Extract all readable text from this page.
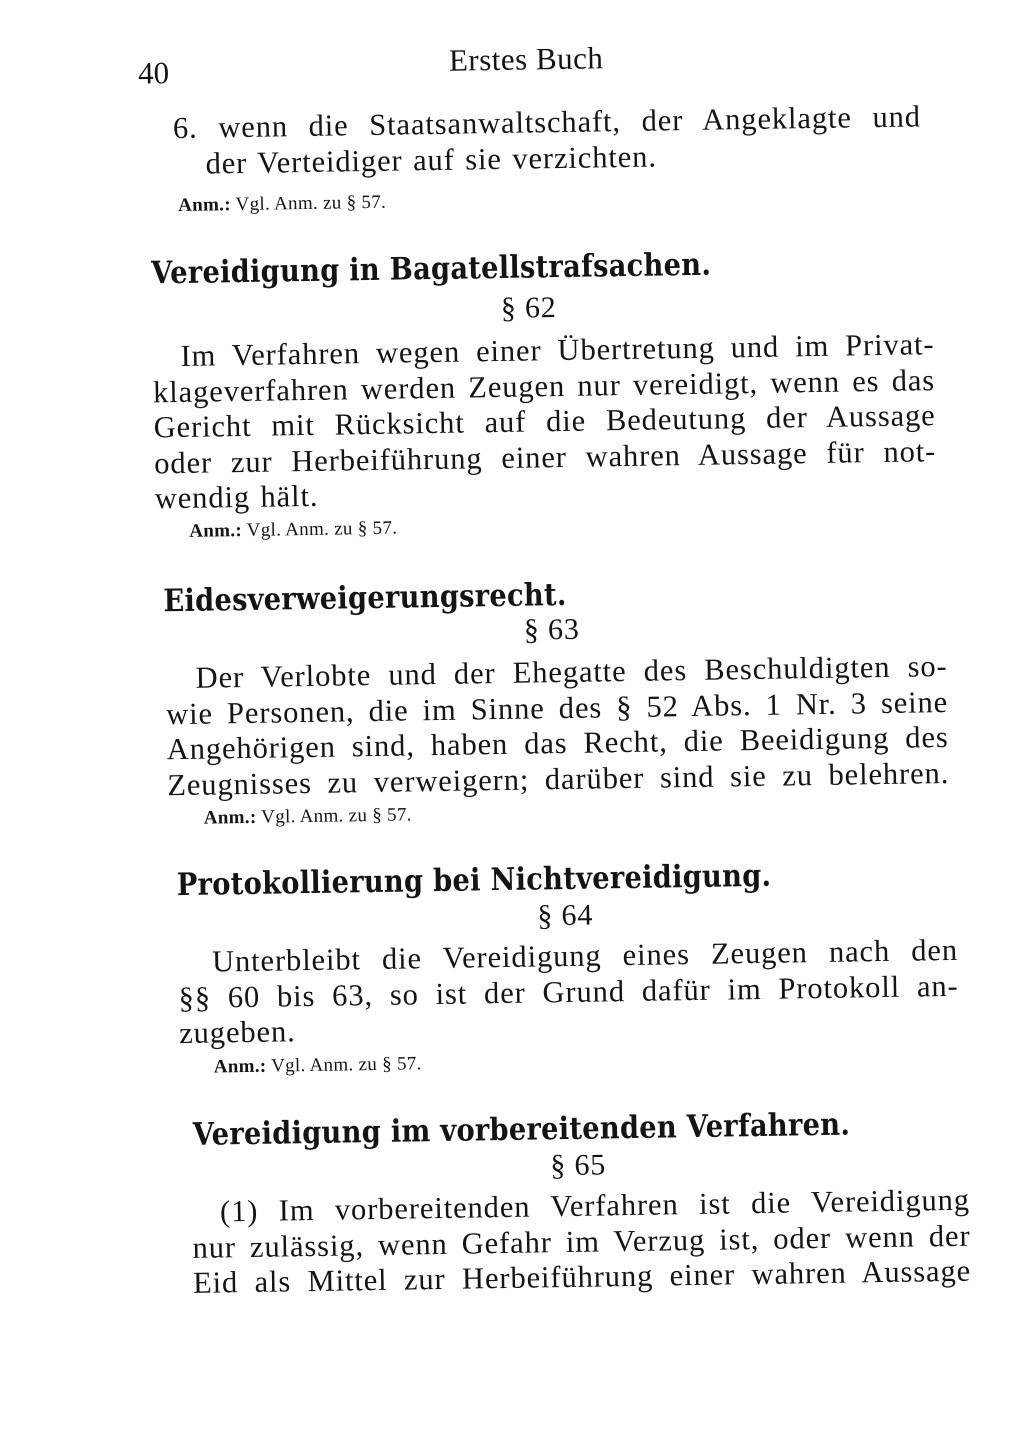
40	Erstes Buch
6. wenn die Staatsanwaltschaft, der Angeklagte und
der Verteidiger auf sie verzichten.
Anm.: Vgl. Anm. zu § 57.
Vereidigung in Bagatellstrafsachen.
§ 62
Im Verfahren wegen einer Übertretung und im Privat-
klageverfahren werden Zeugen nur vereidigt, wenn es das
Gericht mit Rücksicht auf die Bedeutung der Aussage
oder zur Herbeiführung einer wahren Aussage für not-
wendig hält.
Anm.: Vgl. Anm. zu § 57.
Eidesverweigerungsrecht.
§ 63
Der Verlobte und der Ehegatte des Beschuldigten so-
wie Personen, die im Sinne des § 52 Abs. 1 Nr. 3 seine
Angehörigen sind, haben das Recht, die Beeidigung des
Zeugnisses zu verweigern; darüber sind sie zu belehren.
Anm.: Vgl. Anm. zu § 57.
Protokollierung bei Nichtvereidigung.
§ 64
Unterbleibt die Vereidigung eines Zeugen nach den
§§ 60 bis 63, so ist der Grund dafür im Protokoll an-
zugeben.
Anm.: Vgl. Anm. zu § 57.
Vereidigung im vorbereitenden Verfahren.
§ 65
(1) Im vorbereitenden Verfahren ist die Vereidigung
nur zulässig, wenn Gefahr im Verzug ist, oder wenn der
Eid als Mittel zur Herbeiführung einer wahren Aussage
